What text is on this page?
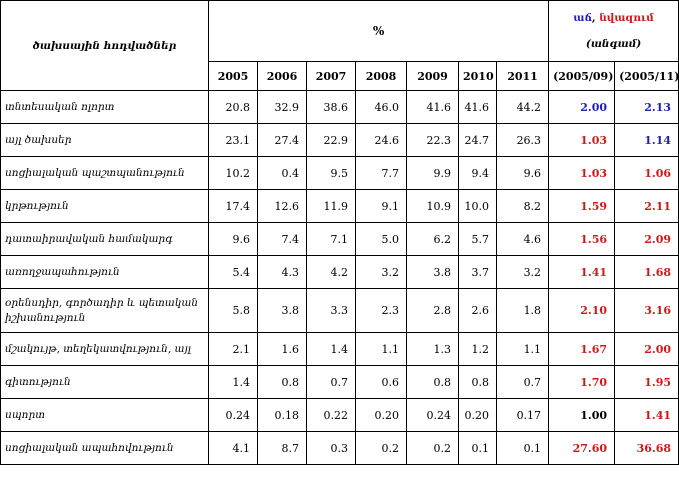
ծախսային հոդվածներ	%							աճ, նվազում
(անգամ)	
	2005	2006	2007	2008	2009	2010	2011	(2005/09)	(2005/11)
տնտեսական ոլորտ	20.8	32.9	38.6	46.0	41.6	41.6	44.2	2.00	2.13
այլ ծախսեր	23.1	27.4	22.9	24.6	22.3	24.7	26.3	1.03	1.14
սոցիալական պաշտպանություն	10.2	0.4	9.5	7.7	9.9	9.4	9.6	1.03	1.06
կրթություն	17.4	12.6	11.9	9.1	10.9	10.0	8.2	1.59	2.11
դատաիրավական համակարգ	9.6	7.4	7.1	5.0	6.2	5.7	4.6	1.56	2.09
առողջապահություն	5.4	4.3	4.2	3.2	3.8	3.7	3.2	1.41	1.68
օրենսդիր, գործադիր և պետական իշխանություն	5.8	3.8	3.3	2.3	2.8	2.6	1.8	2.10	3.16
մշակույթ, տեղեկատվություն, այլ	2.1	1.6	1.4	1.1	1.3	1.2	1.1	1.67	2.00
գիտություն	1.4	0.8	0.7	0.6	0.8	0.8	0.7	1.70	1.95
սպորտ	0.24	0.18	0.22	0.20	0.24	0.20	0.17	1.00	1.41
սոցիալական ապահովություն	4.1	8.7	0.3	0.2	0.2	0.1	0.1	27.60	36.68
